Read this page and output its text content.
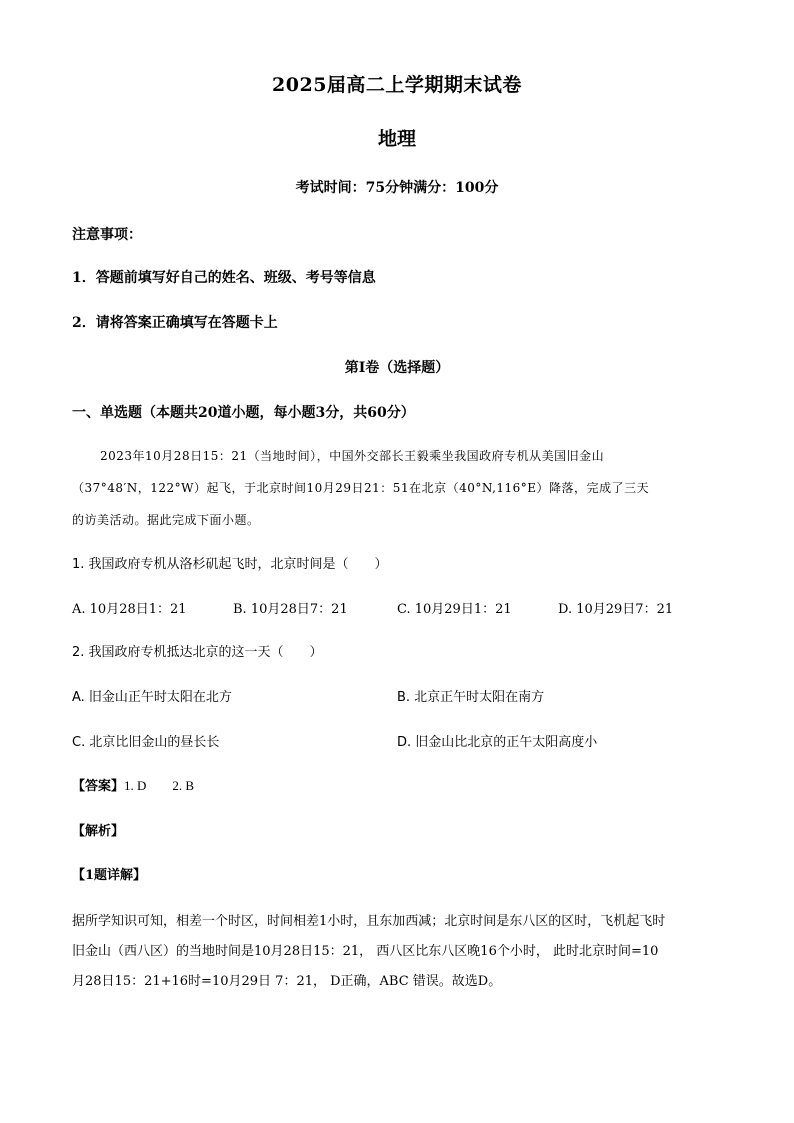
2025届高二上学期期末试卷
地理
考试时间：75分钟满分：100分
注意事项：
1．答题前填写好自己的姓名、班级、考号等信息
2．请将答案正确填写在答题卡上
第Ⅰ卷（选择题）
一、单选题（本题共20道小题，每小题3分，共60分）
2023年10月28日15：21（当地时间），中国外交部长王毅乘坐我国政府专机从美国旧金山
（37°48′N，122°W）起飞，于北京时间10月29日21：51在北京（40°N,116°E）降落，完成了三天
的访美活动。据此完成下面小题。
1. 我国政府专机从洛杉矶起飞时，北京时间是（　　）
A. 10月28日1：21	B. 10月28日7：21	C. 10月29日1：21	D. 10月29日7：21
2. 我国政府专机抵达北京的这一天（　　）
A. 旧金山正午时太阳在北方	B. 北京正午时太阳在南方
C. 北京比旧金山的昼长长	D. 旧金山比北京的正午太阳高度小
【答案】1. D 2. B
【解析】
【1题详解】
据所学知识可知，相差一个时区，时间相差1小时，且东加西减；北京时间是东八区的区时，飞机起飞时
旧金山（西八区）的当地时间是10月28日15：21， 西八区比东八区晚16个小时， 此时北京时间=10
月28日15：21+16时=10月29日 7：21， D正确，ABC 错误。故选D。
